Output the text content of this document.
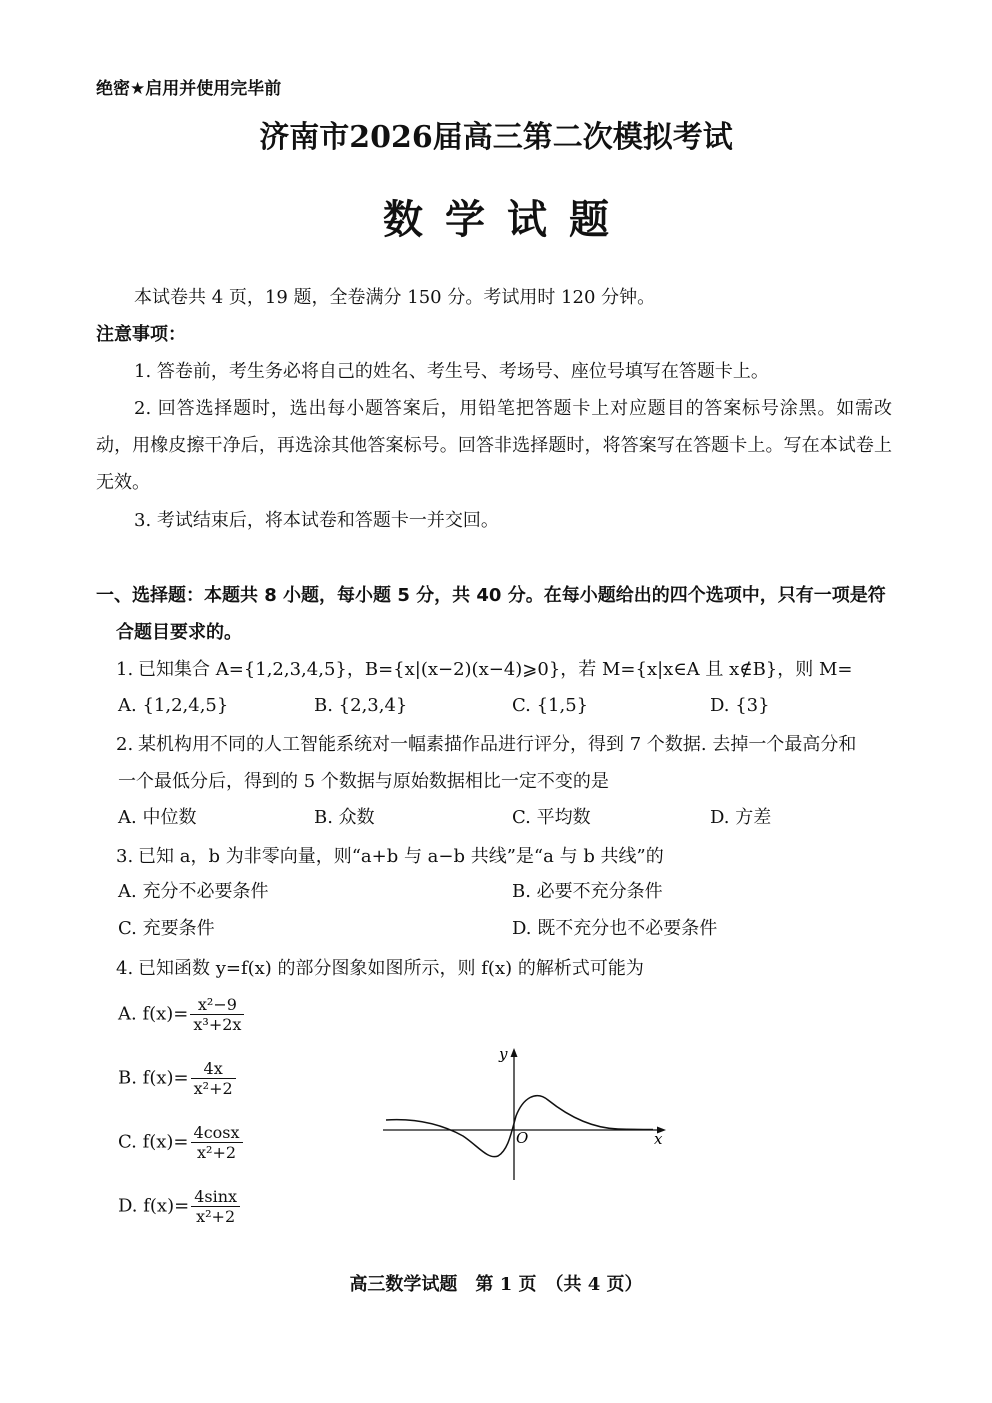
绝密★启用并使用完毕前
济南市2026届高三第二次模拟考试
数学试题
本试卷共 4 页，19 题，全卷满分 150 分。考试用时 120 分钟。
注意事项：
1. 答卷前，考生务必将自己的姓名、考生号、考场号、座位号填写在答题卡上。
2. 回答选择题时，选出每小题答案后，用铅笔把答题卡上对应题目的答案标号涂黑。如需改动，用橡皮擦干净后，再选涂其他答案标号。回答非选择题时，将答案写在答题卡上。写在本试卷上无效。
3. 考试结束后，将本试卷和答题卡一并交回。
一、选择题：本题共 8 小题，每小题 5 分，共 40 分。在每小题给出的四个选项中，只有一项是符合题目要求的。
1. 已知集合 A={1,2,3,4,5}，B={x|(x−2)(x−4)⩾0}，若 M={x|x∈A 且 x∉B}，则 M=
A. {1,2,4,5}	B. {2,3,4}	C. {1,5}	D. {3}
2. 某机构用不同的人工智能系统对一幅素描作品进行评分，得到 7 个数据. 去掉一个最高分和
一个最低分后，得到的 5 个数据与原始数据相比一定不变的是
A. 中位数	B. 众数	C. 平均数	D. 方差
3. 已知 a，b 为非零向量，则“a+b 与 a−b 共线”是“a 与 b 共线”的
A. 充分不必要条件	B. 必要不充分条件
C. 充要条件	D. 既不充分也不必要条件
4. 已知函数 y=f(x) 的部分图象如图所示，则 f(x) 的解析式可能为
A. $f(x)= \frac{\text{x²−9}}{\text{x³+2x}}$
B. $f(x)= \frac{4x}{\text{x²+2}}$
C. $f(x)= \frac{4\cos x}{\text{x²+2}}$
D. $f(x)= \frac{4\sin x}{\text{x²+2}}$
y
x
O
高三数学试题　第 1 页　（共 4 页）
